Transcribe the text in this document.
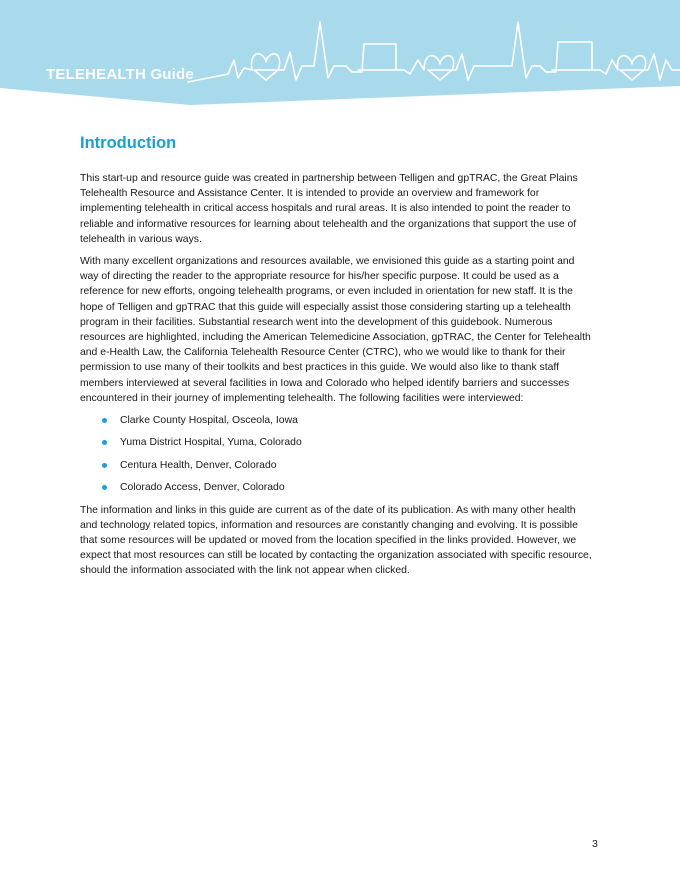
TELEHEALTH Guide
Introduction

This start-up and resource guide was created in partnership between Telligen and gpTRAC, the Great Plains Telehealth Resource and Assistance Center. It is intended to provide an overview and framework for implementing telehealth in critical access hospitals and rural areas. It is also intended to point the reader to reliable and informative resources for learning about telehealth and the organizations that support the use of telehealth in various ways.

With many excellent organizations and resources available, we envisioned this guide as a starting point and way of directing the reader to the appropriate resource for his/her specific purpose. It could be used as a reference for new efforts, ongoing telehealth programs, or even included in orientation for new staff. It is the hope of Telligen and gpTRAC that this guide will especially assist those considering starting up a telehealth program in their facilities. Substantial research went into the development of this guidebook. Numerous resources are highlighted, including the American Telemedicine Association, gpTRAC, the Center for Telehealth and e-Health Law, the California Telehealth Resource Center (CTRC), who we would like to thank for their permission to use many of their toolkits and best practices in this guide. We would also like to thank staff members interviewed at several facilities in Iowa and Colorado who helped identify barriers and successes encountered in their journey of implementing telehealth. The following facilities were interviewed:

Clarke County Hospital, Osceola, Iowa
Yuma District Hospital, Yuma, Colorado
Centura Health, Denver, Colorado
Colorado Access, Denver, Colorado

The information and links in this guide are current as of the date of its publication. As with many other health and technology related topics, information and resources are constantly changing and evolving. It is possible that some resources will be updated or moved from the location specified in the links provided. However, we expect that most resources can still be located by contacting the organization associated with specific resource, should the information associated with the link not appear when clicked.

3
